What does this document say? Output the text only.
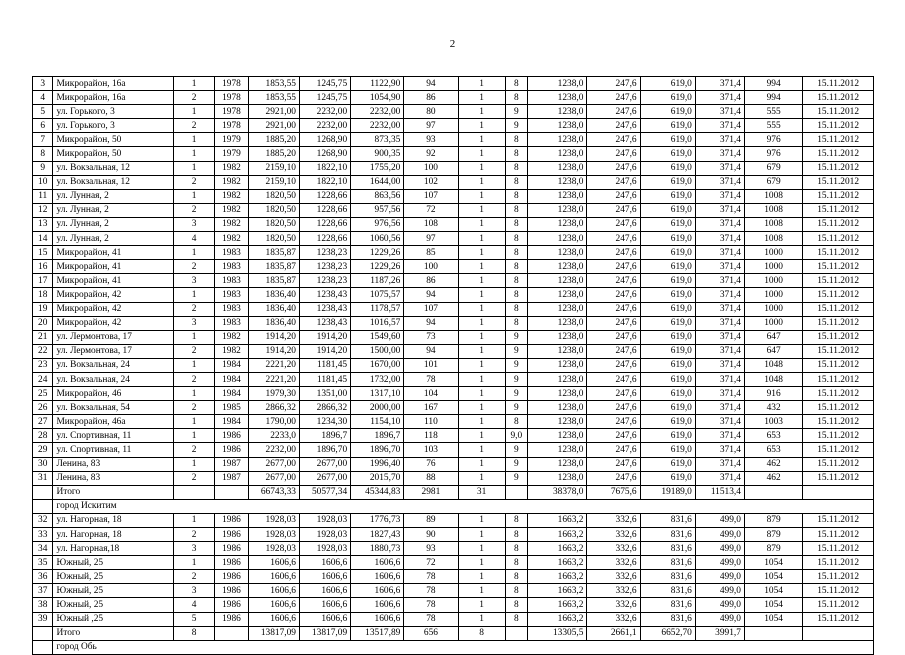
2
3	Микрорайон, 16а	1	1978	1853,55	1245,75	1122,90	94	1	8	1238,0	247,6	619,0	371,4	994	15.11.2012
4	Микрорайон, 16а	2	1978	1853,55	1245,75	1054,90	86	1	8	1238,0	247,6	619,0	371,4	994	15.11.2012
5	ул. Горького, 3	1	1978	2921,00	2232,00	2232,00	80	1	9	1238,0	247,6	619,0	371,4	555	15.11.2012
6	ул. Горького, 3	2	1978	2921,00	2232,00	2232,00	97	1	9	1238,0	247,6	619,0	371,4	555	15.11.2012
7	Микрорайон, 50	1	1979	1885,20	1268,90	873,35	93	1	8	1238,0	247,6	619,0	371,4	976	15.11.2012
8	Микрорайон, 50	1	1979	1885,20	1268,90	900,35	92	1	8	1238,0	247,6	619,0	371,4	976	15.11.2012
9	ул. Вокзальная, 12	1	1982	2159,10	1822,10	1755,20	100	1	8	1238,0	247,6	619,0	371,4	679	15.11.2012
10	ул. Вокзальная, 12	2	1982	2159,10	1822,10	1644,00	102	1	8	1238,0	247,6	619,0	371,4	679	15.11.2012
11	ул. Лунная, 2	1	1982	1820,50	1228,66	863,56	107	1	8	1238,0	247,6	619,0	371,4	1008	15.11.2012
12	ул. Лунная, 2	2	1982	1820,50	1228,66	957,56	72	1	8	1238,0	247,6	619,0	371,4	1008	15.11.2012
13	ул. Лунная, 2	3	1982	1820,50	1228,66	976,56	108	1	8	1238,0	247,6	619,0	371,4	1008	15.11.2012
14	ул. Лунная, 2	4	1982	1820,50	1228,66	1060,56	97	1	8	1238,0	247,6	619,0	371,4	1008	15.11.2012
15	Микрорайон, 41	1	1983	1835,87	1238,23	1229,26	85	1	8	1238,0	247,6	619,0	371,4	1000	15.11.2012
16	Микрорайон, 41	2	1983	1835,87	1238,23	1229,26	100	1	8	1238,0	247,6	619,0	371,4	1000	15.11.2012
17	Микрорайон, 41	3	1983	1835,87	1238,23	1187,26	86	1	8	1238,0	247,6	619,0	371,4	1000	15.11.2012
18	Микрорайон, 42	1	1983	1836,40	1238,43	1075,57	94	1	8	1238,0	247,6	619,0	371,4	1000	15.11.2012
19	Микрорайон, 42	2	1983	1836,40	1238,43	1178,57	107	1	8	1238,0	247,6	619,0	371,4	1000	15.11.2012
20	Микрорайон, 42	3	1983	1836,40	1238,43	1016,57	94	1	8	1238,0	247,6	619,0	371,4	1000	15.11.2012
21	ул. Лермонтова, 17	1	1982	1914,20	1914,20	1549,60	73	1	9	1238,0	247,6	619,0	371,4	647	15.11.2012
22	ул. Лермонтова, 17	2	1982	1914,20	1914,20	1500,00	94	1	9	1238,0	247,6	619,0	371,4	647	15.11.2012
23	ул. Вокзальная, 24	1	1984	2221,20	1181,45	1670,00	101	1	9	1238,0	247,6	619,0	371,4	1048	15.11.2012
24	ул. Вокзальная, 24	2	1984	2221,20	1181,45	1732,00	78	1	9	1238,0	247,6	619,0	371,4	1048	15.11.2012
25	Микрорайон, 46	1	1984	1979,30	1351,00	1317,10	104	1	9	1238,0	247,6	619,0	371,4	916	15.11.2012
26	ул. Вокзальная, 54	2	1985	2866,32	2866,32	2000,00	167	1	9	1238,0	247,6	619,0	371,4	432	15.11.2012
27	Микрорайон, 46а	1	1984	1790,00	1234,30	1154,10	110	1	8	1238,0	247,6	619,0	371,4	1003	15.11.2012
28	ул. Спортивная, 11	1	1986	2233,0	1896,7	1896,7	118	1	9,0	1238,0	247,6	619,0	371,4	653	15.11.2012
29	ул. Спортивная, 11	2	1986	2232,00	1896,70	1896,70	103	1	9	1238,0	247,6	619,0	371,4	653	15.11.2012
30	Ленина, 83	1	1987	2677,00	2677,00	1996,40	76	1	9	1238,0	247,6	619,0	371,4	462	15.11.2012
31	Ленина, 83	2	1987	2677,00	2677,00	2015,70	88	1	9	1238,0	247,6	619,0	371,4	462	15.11.2012
	Итого			66743,33	50577,34	45344,83	2981	31		38378,0	7675,6	19189,0	11513,4		
	город Искитим														
32	ул. Нагорная, 18	1	1986	1928,03	1928,03	1776,73	89	1	8	1663,2	332,6	831,6	499,0	879	15.11.2012
33	ул. Нагорная, 18	2	1986	1928,03	1928,03	1827,43	90	1	8	1663,2	332,6	831,6	499,0	879	15.11.2012
34	ул. Нагорная,18	3	1986	1928,03	1928,03	1880,73	93	1	8	1663,2	332,6	831,6	499,0	879	15.11.2012
35	Южный, 25	1	1986	1606,6	1606,6	1606,6	72	1	8	1663,2	332,6	831,6	499,0	1054	15.11.2012
36	Южный, 25	2	1986	1606,6	1606,6	1606,6	78	1	8	1663,2	332,6	831,6	499,0	1054	15.11.2012
37	Южный, 25	3	1986	1606,6	1606,6	1606,6	78	1	8	1663,2	332,6	831,6	499,0	1054	15.11.2012
38	Южный, 25	4	1986	1606,6	1606,6	1606,6	78	1	8	1663,2	332,6	831,6	499,0	1054	15.11.2012
39	Южный ,25	5	1986	1606,6	1606,6	1606,6	78	1	8	1663,2	332,6	831,6	499,0	1054	15.11.2012
	Итого	8		13817,09	13817,09	13517,89	656	8		13305,5	2661,1	6652,70	3991,7		
	город Обь														
